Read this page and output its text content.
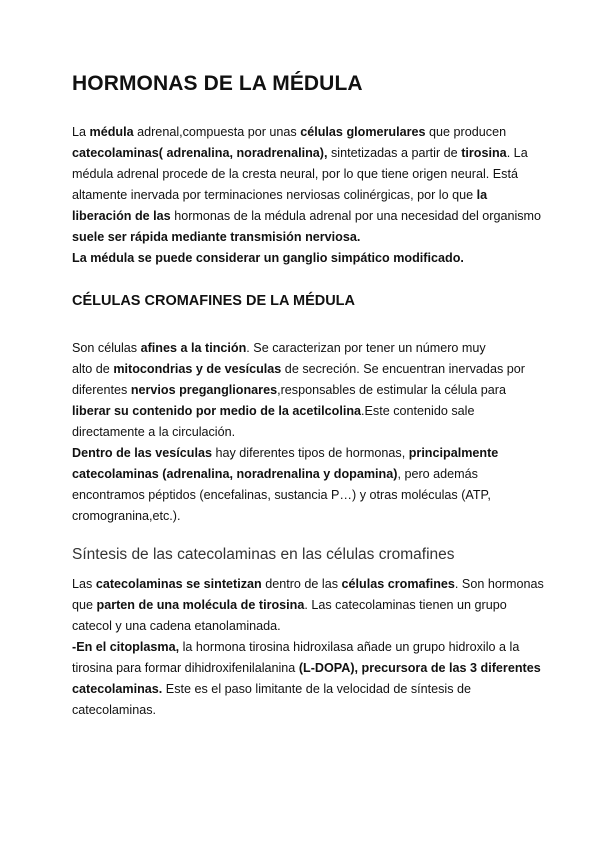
HORMONAS DE LA MÉDULA
La médula adrenal,compuesta por unas células glomerulares que producen
catecolaminas( adrenalina, noradrenalina), sintetizadas a partir de tirosina. La
médula adrenal procede de la cresta neural, por lo que tiene origen neural. Está
altamente inervada por terminaciones nerviosas colinérgicas, por lo que la
liberación de las hormonas de la médula adrenal por una necesidad del organismo
suele ser rápida mediante transmisión nerviosa.
La médula se puede considerar un ganglio simpático modificado.
CÉLULAS CROMAFINES DE LA MÉDULA
Son células afines a la tinción. Se caracterizan por tener un número muy
alto de mitocondrias y de vesículas de secreción. Se encuentran inervadas por
diferentes nervios preganglionares,responsables de estimular la célula para
liberar su contenido por medio de la acetilcolina.Este contenido sale
directamente a la circulación.
Dentro de las vesículas hay diferentes tipos de hormonas, principalmente
catecolaminas (adrenalina, noradrenalina y dopamina), pero además
encontramos péptidos (encefalinas, sustancia P…) y otras moléculas (ATP,
cromogranina,etc.).
Síntesis de las catecolaminas en las células cromafines
Las catecolaminas se sintetizan dentro de las células cromafines. Son hormonas
que parten de una molécula de tirosina. Las catecolaminas tienen un grupo
catecol y una cadena etanolaminada.
-En el citoplasma, la hormona tirosina hidroxilasa añade un grupo hidroxilo a la
tirosina para formar dihidroxifenilalanina (L-DOPA), precursora de las 3 diferentes
catecolaminas. Este es el paso limitante de la velocidad de síntesis de
catecolaminas.
